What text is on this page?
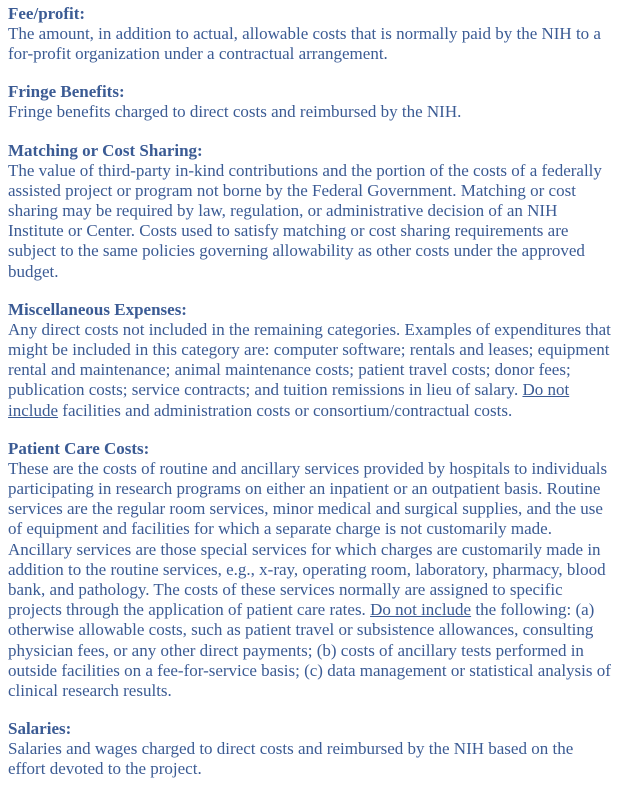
Fee/profit:
The amount, in addition to actual, allowable costs that is normally paid by the NIH to a for-profit organization under a contractual arrangement.
Fringe Benefits:
Fringe benefits charged to direct costs and reimbursed by the NIH.
Matching or Cost Sharing:
The value of third-party in-kind contributions and the portion of the costs of a federally assisted project or program not borne by the Federal Government. Matching or cost sharing may be required by law, regulation, or administrative decision of an NIH Institute or Center. Costs used to satisfy matching or cost sharing requirements are subject to the same policies governing allowability as other costs under the approved budget.
Miscellaneous Expenses:
Any direct costs not included in the remaining categories. Examples of expenditures that might be included in this category are: computer software; rentals and leases; equipment rental and maintenance; animal maintenance costs; patient travel costs; donor fees; publication costs; service contracts; and tuition remissions in lieu of salary. Do not include facilities and administration costs or consortium/contractual costs.
Patient Care Costs:
These are the costs of routine and ancillary services provided by hospitals to individuals participating in research programs on either an inpatient or an outpatient basis. Routine services are the regular room services, minor medical and surgical supplies, and the use of equipment and facilities for which a separate charge is not customarily made. Ancillary services are those special services for which charges are customarily made in addition to the routine services, e.g., x-ray, operating room, laboratory, pharmacy, blood bank, and pathology. The costs of these services normally are assigned to specific projects through the application of patient care rates. Do not include the following: (a) otherwise allowable costs, such as patient travel or subsistence allowances, consulting physician fees, or any other direct payments; (b) costs of ancillary tests performed in outside facilities on a fee-for-service basis; (c) data management or statistical analysis of clinical research results.
Salaries:
Salaries and wages charged to direct costs and reimbursed by the NIH based on the effort devoted to the project.
